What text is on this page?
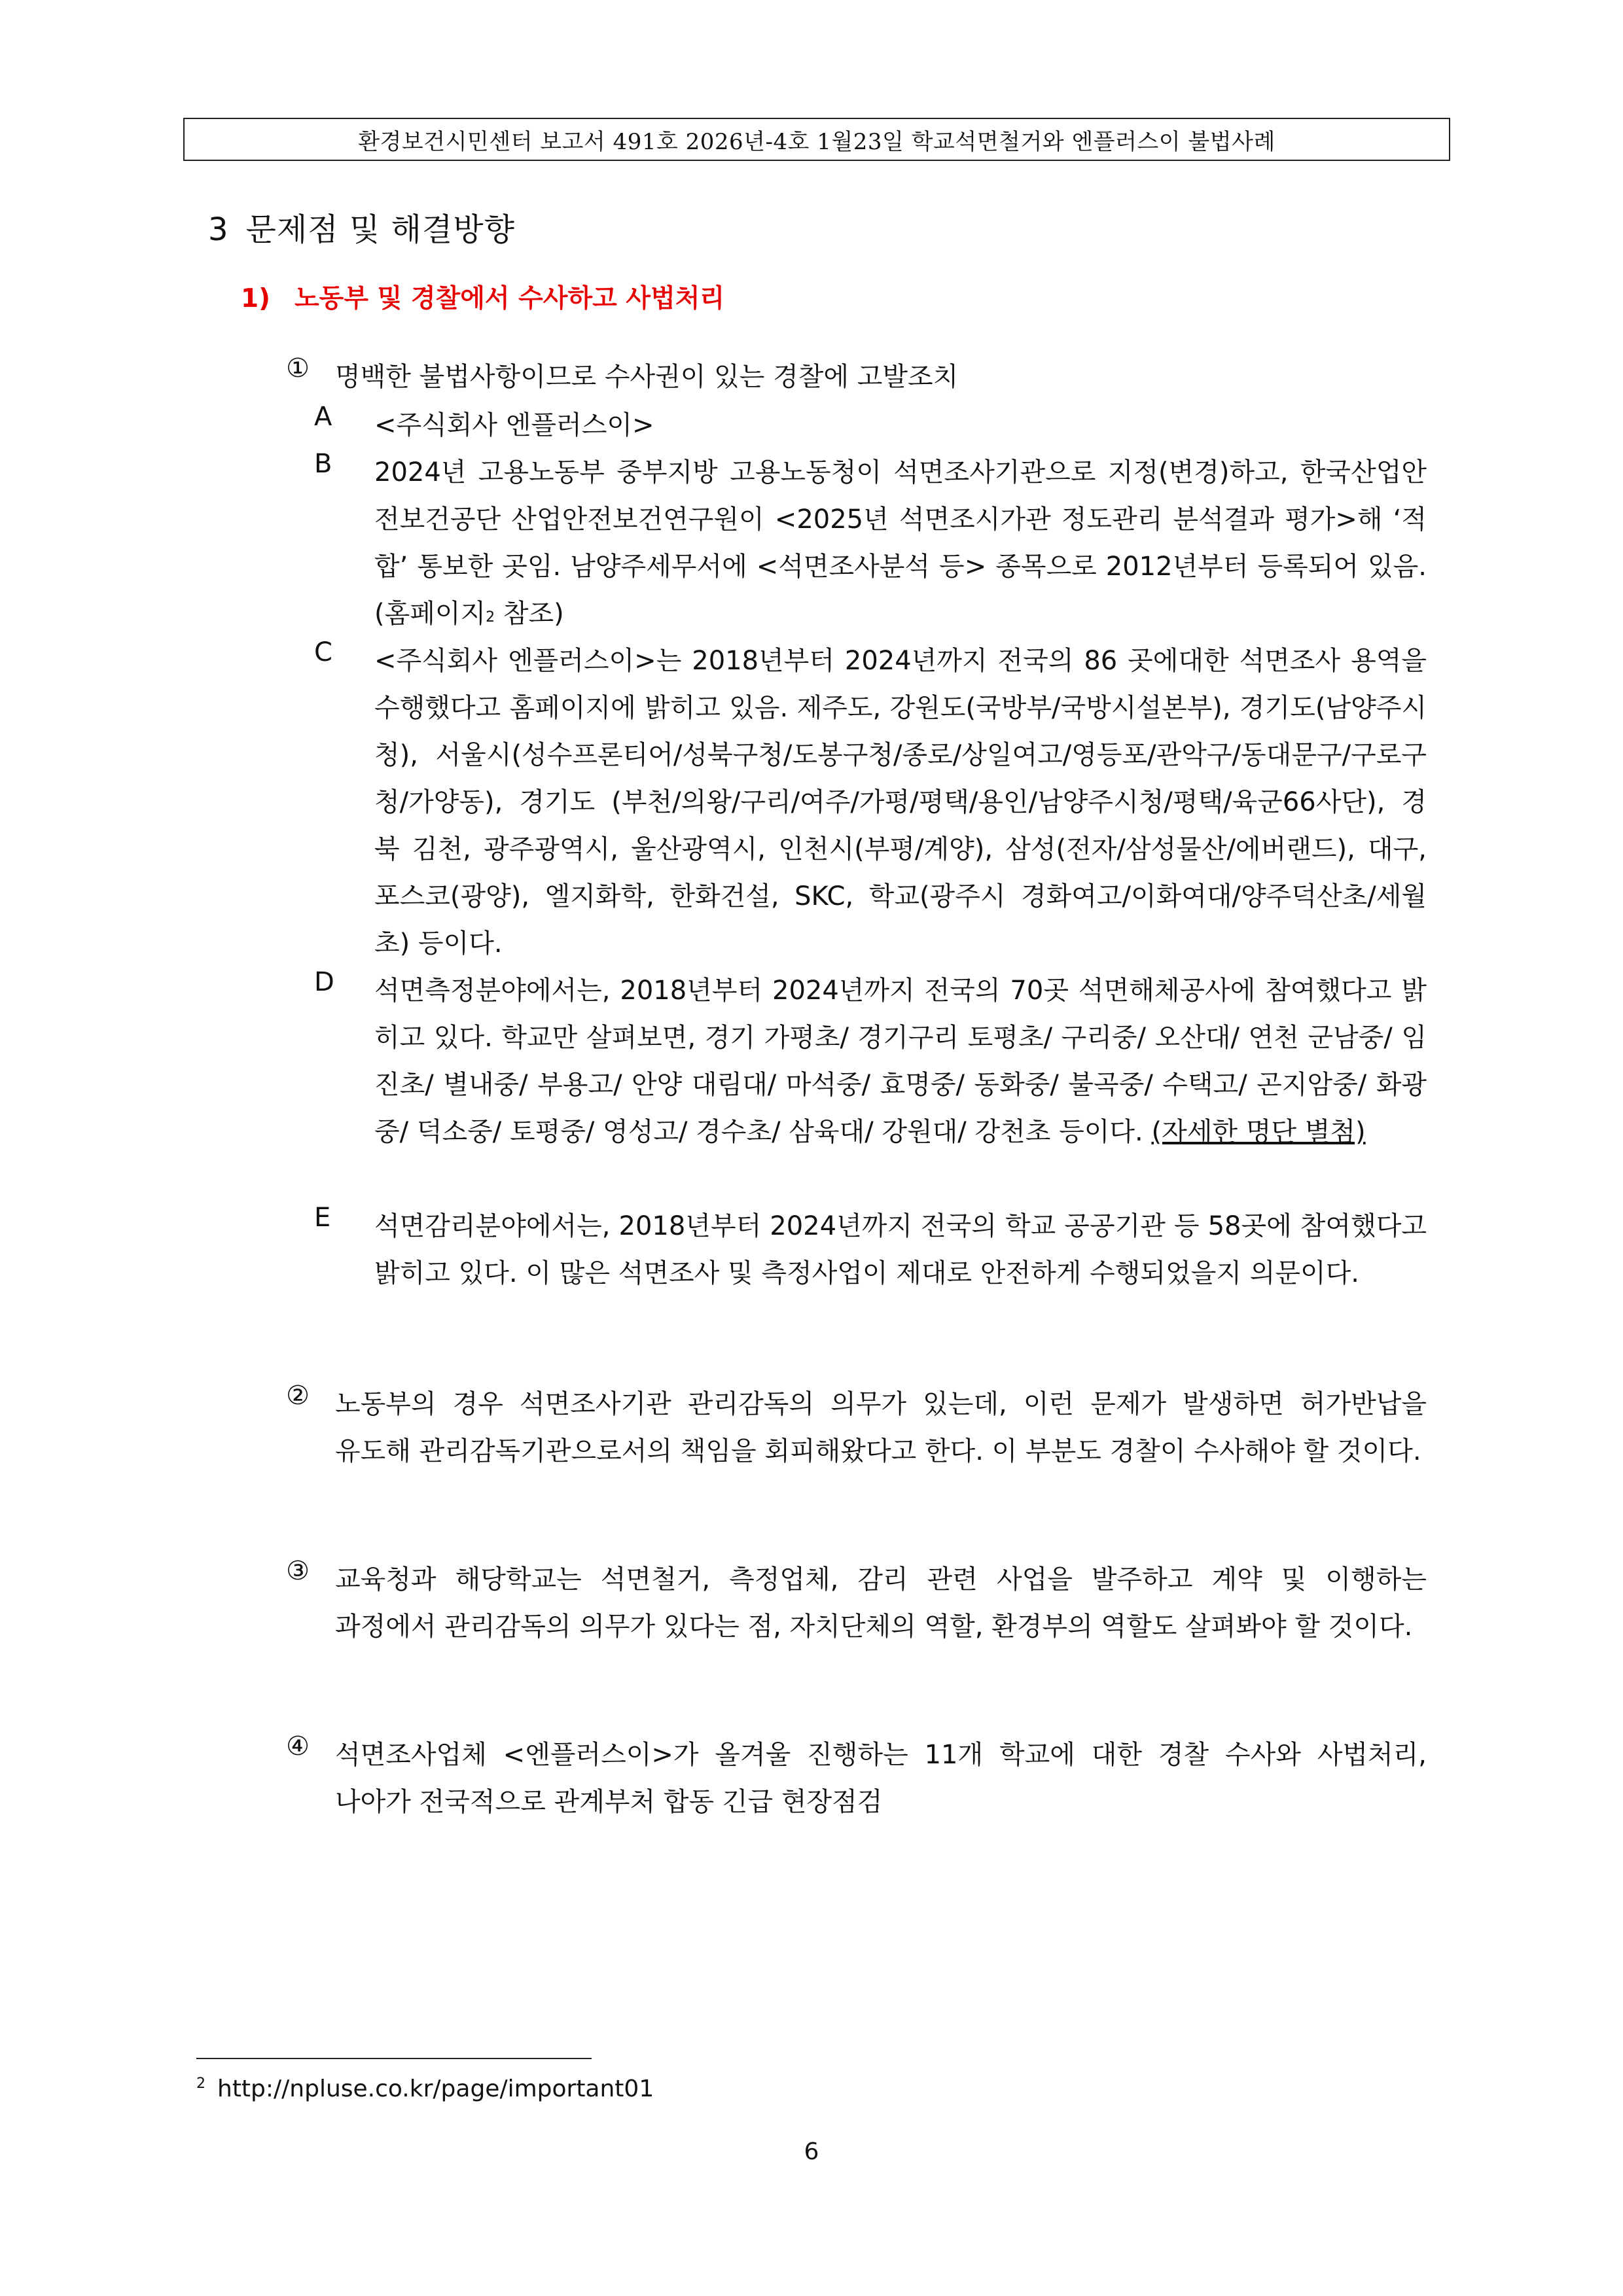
환경보건시민센터 보고서 491호 2026년-4호 1월23일 학교석면철거와 엔플러스이 불법사례
3 문제점 및 해결방향
1) 노동부 및 경찰에서 수사하고 사법처리
① 명백한 불법사항이므로 수사권이 있는 경찰에 고발조치
A	<주식회사 엔플러스이>
B	2024년 고용노동부 중부지방 고용노동청이 석면조사기관으로 지정(변경)하고, 한국산업안전보건공단 산업안전보건연구원이 <2025년 석면조시가관 정도관리 분석결과 평가>해 ‘적합’ 통보한 곳임. 남양주세무서에 <석면조사분석 등> 종목으로 2012년부터 등록되어 있음. (홈페이지$^2$ 참조)
C	<주식회사 엔플러스이>는 2018년부터 2024년까지 전국의 86 곳에대한 석면조사 용역을 수행했다고 홈페이지에 밝히고 있음. 제주도, 강원도(국방부/국방시설본부), 경기도(남양주시청), 서울시(성수프론티어/성북구청/도봉구청/종로/상일여고/영등포/관악구/동대문구/구로구청/가양동), 경기도 (부천/의왕/구리/여주/가평/평택/용인/남양주시청/평택/육군66사단), 경북 김천, 광주광역시, 울산광역시, 인천시(부평/계양), 삼성(전자/삼성물산/에버랜드), 대구, 포스코(광양), 엘지화학, 한화건설, SKC, 학교(광주시 경화여고/이화여대/양주덕산초/세월초) 등이다.
D 석면측정분야에서는, 2018년부터 2024년까지 전국의 70곳 석면해체공사에 참여했다고 밝히고 있다. 학교만 살펴보면, 경기 가평초/ 경기구리 토평초/ 구리중/ 오산대/ 연천 군남중/ 임진초/ 별내중/ 부용고/ 안양 대림대/ 마석중/ 효명중/ 동화중/ 불곡중/ 수택고/ 곤지암중/ 화광중/ 덕소중/ 토평중/ 영성고/ 경수초/ 삼육대/ 강원대/ 강천초 등이다. (자세한 명단 별첨)
E	석면감리분야에서는, 2018년부터 2024년까지 전국의 학교 공공기관 등 58곳에 참여했다고 밝히고 있다. 이 많은 석면조사 및 측정사업이 제대로 안전하게 수행되었을지 의문이다.
② 노동부의 경우 석면조사기관 관리감독의 의무가 있는데, 이런 문제가 발생하면 허가반납을 유도해 관리감독기관으로서의 책임을 회피해왔다고 한다. 이 부분도 경찰이 수사해야 할 것이다.
③ 교육청과 해당학교는 석면철거, 측정업체, 감리 관련 사업을 발주하고 계약 및 이행하는 과정에서 관리감독의 의무가 있다는 점, 자치단체의 역할, 환경부의 역할도 살펴봐야 할 것이다.
④ 석면조사업체 <엔플러스이>가 올겨울 진행하는 11개 학교에 대한 경찰 수사와 사법처리, 나아가 전국적으로 관계부처 합동 긴급 현장점검
$^2$ http://npluse.co.kr/page/important01
6
